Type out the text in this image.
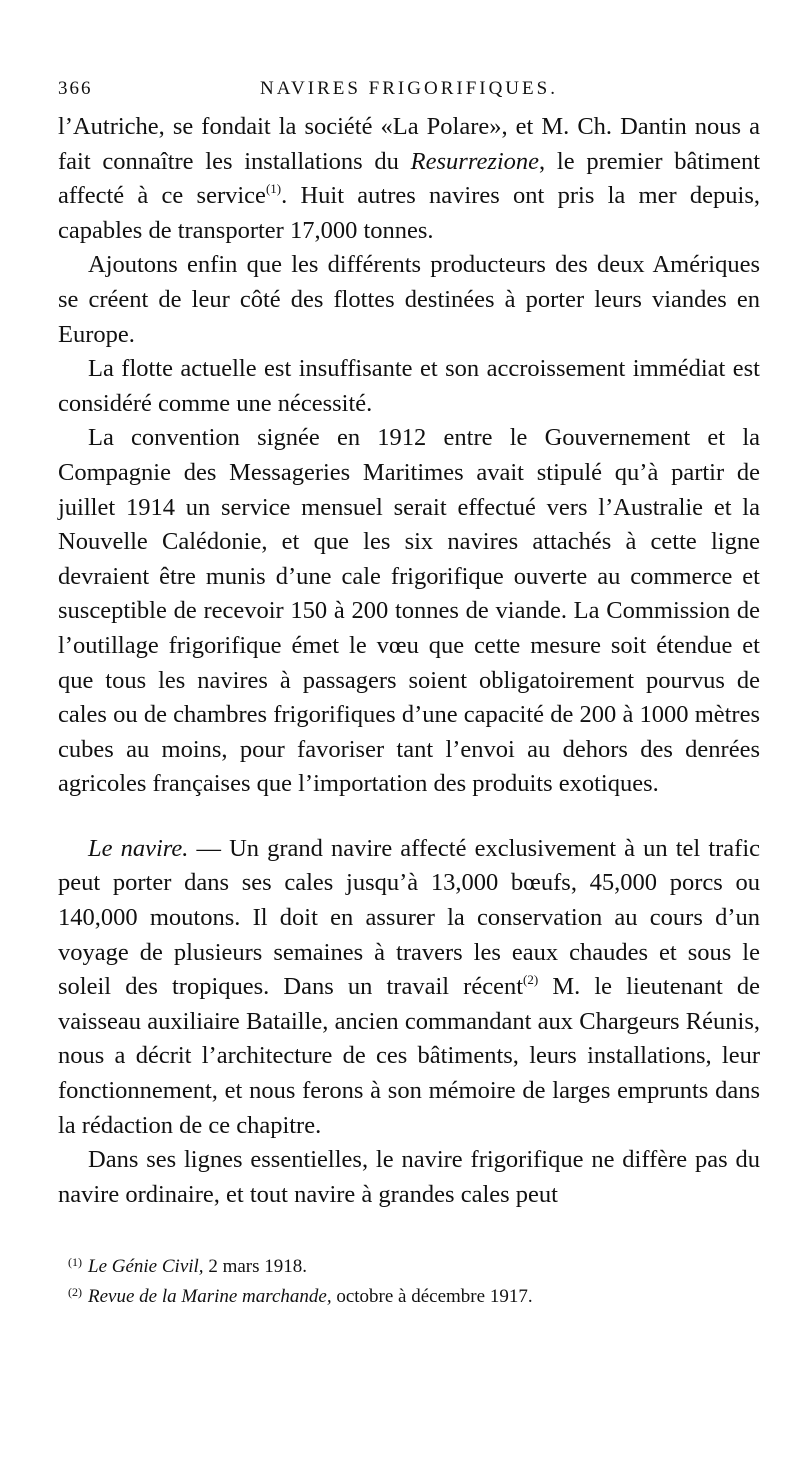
366	NAVIRES FRIGORIFIQUES.

l’Autriche, se fondait la société «La Polare», et M. Ch. Dantin nous a fait connaître les installations du Resurrezione, le premier bâtiment affecté à ce service$^{(1)}$. Huit autres navires ont pris la mer depuis, capables de transporter 17,000 tonnes.

Ajoutons enfin que les différents producteurs des deux Amériques se créent de leur côté des flottes destinées à porter leurs viandes en Europe.

La flotte actuelle est insuffisante et son accroissement immédiat est considéré comme une nécessité.

La convention signée en 1912 entre le Gouvernement et la Compagnie des Messageries Maritimes avait stipulé qu’à partir de juillet 1914 un service mensuel serait effectué vers l’Australie et la Nouvelle Calédonie, et que les six navires attachés à cette ligne devraient être munis d’une cale frigorifique ouverte au commerce et susceptible de recevoir 150 à 200 tonnes de viande. La Commission de l’outillage frigorifique émet le vœu que cette mesure soit étendue et que tous les navires à passagers soient obligatoirement pourvus de cales ou de chambres frigorifiques d’une capacité de 200 à 1000 mètres cubes au moins, pour favoriser tant l’envoi au dehors des denrées agricoles françaises que l’importation des produits exotiques.

Le navire. — Un grand navire affecté exclusivement à un tel trafic peut porter dans ses cales jusqu’à 13,000 bœufs, 45,000 porcs ou 140,000 moutons. Il doit en assurer la conservation au cours d’un voyage de plusieurs semaines à travers les eaux chaudes et sous le soleil des tropiques. Dans un travail récent$^{(2)}$ M. le lieutenant de vaisseau auxiliaire Bataille, ancien commandant aux Chargeurs Réunis, nous a décrit l’architecture de ces bâtiments, leurs installations, leur fonctionnement, et nous ferons à son mémoire de larges emprunts dans la rédaction de ce chapitre.

Dans ses lignes essentielles, le navire frigorifique ne diffère pas du navire ordinaire, et tout navire à grandes cales peut

(1) Le Génie Civil, 2 mars 1918.

(2) Revue de la Marine marchande, octobre à décembre 1917.
